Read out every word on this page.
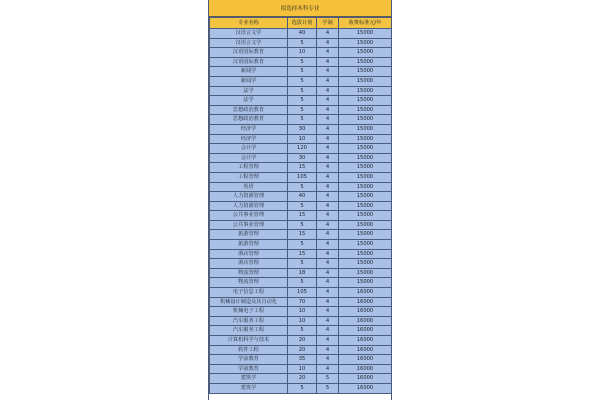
拟选择本科专业
专业名称	选拔计划	学制	收费标准元/年
汉语言文学	40	4	15000
汉语言文学	5	4	15000
汉语国际教育	10	4	15000
汉语国际教育	5	4	15000
新闻学	5	4	15000
新闻学	5	4	15000
法学	5	4	15000
法学	5	4	15000
思想政治教育	5	4	15000
思想政治教育	5	4	15000
经济学	30	4	15000
经济学	10	4	15000
会计学	120	4	15000
会计学	30	4	15000
工程管理	15	4	15000
工程管理	105	4	15000
英语	5	4	15000
人力资源管理	40	4	15000
人力资源管理	5	4	15000
公共事业管理	15	4	15000
公共事业管理	5	4	15000
旅游管理	15	4	15000
旅游管理	5	4	15000
酒店管理	15	4	15000
酒店管理	5	4	15000
物流管理	18	4	15000
物流管理	5	4	15000
电子信息工程	105	4	16000
机械设计制造及其自动化	70	4	16000
机械电子工程	10	4	16000
汽车服务工程	10	4	16000
汽车服务工程	5	4	16000
计算机科学与技术	20	4	16000
软件工程	20	4	16000
学前教育	35	4	16000
学前教育	10	4	16000
建筑学	20	5	16000
建筑学	5	5	16000
